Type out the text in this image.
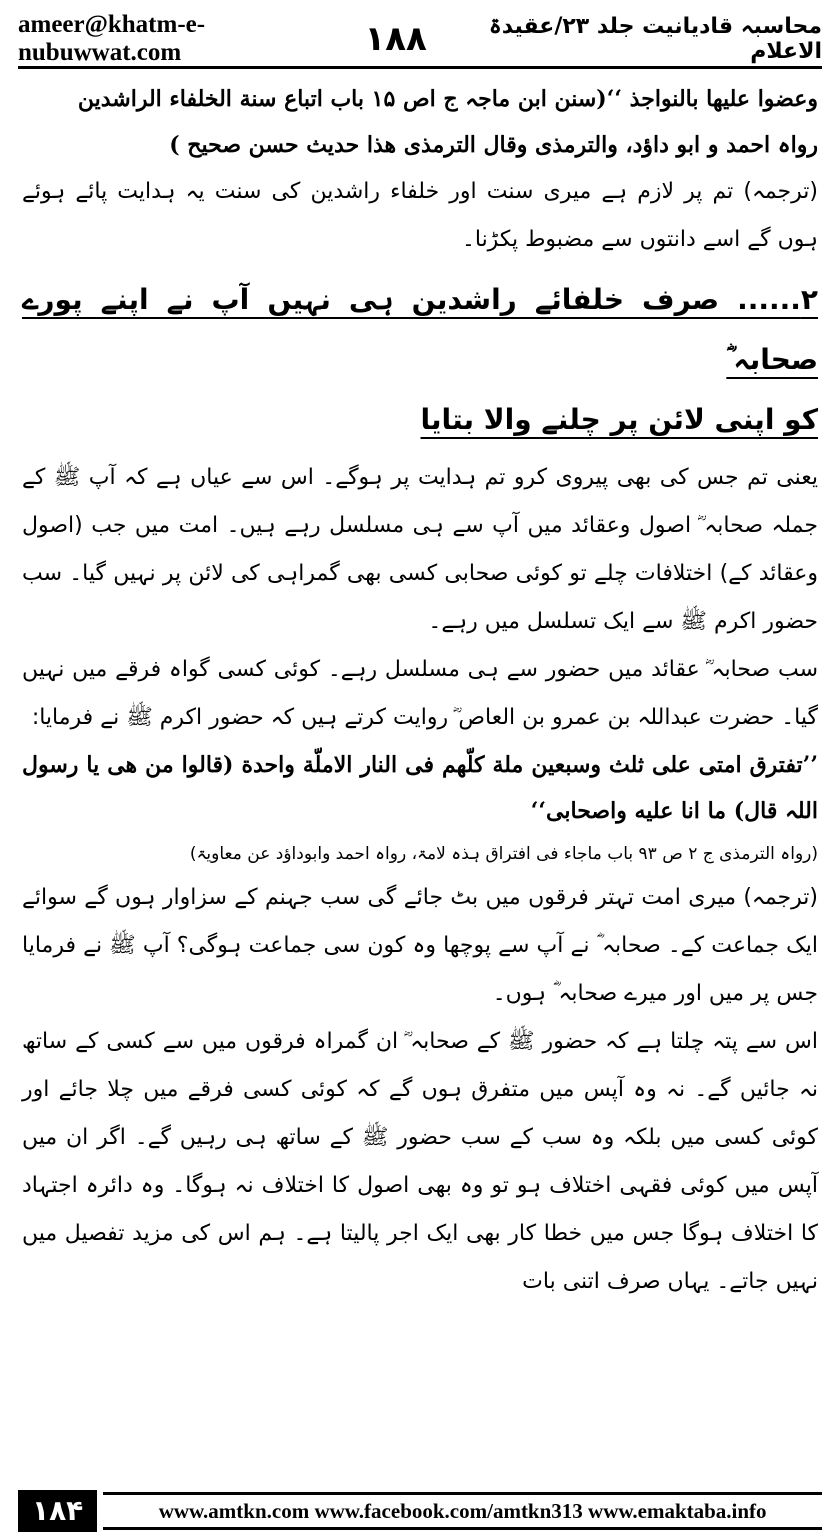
ameer@khatm-e-nubuwwat.com	۱۸۸	محاسبہ قادیانیت جلد ۲۳/عقیدۃ الاعلام

وعضوا علیها بالنواجذ ‘‘(سنن ابن ماجہ ج اص ۱۵ باب اتباع سنة الخلفاء الراشدین

رواہ احمد و ابو داؤد، والترمذی وقال الترمذی هذا حدیث حسن صحیح )

(ترجمہ) تم پر لازم ہے میری سنت اور خلفاء راشدین کی سنت یہ ہدایت پائے ہوئے ہوں گے اسے دانتوں سے مضبوط پکڑنا۔

۲...... صرف خلفائے راشدین ہی نہیں آپ نے اپنے پورے صحابہ ؓ

کو اپنی لائن پر چلنے والا بتایا

یعنی تم جس کی بھی پیروی کرو تم ہدایت پر ہوگے۔ اس سے عیاں ہے کہ آپ ﷺ کے جملہ صحابہ ؓ اصول وعقائد میں آپ سے ہی مسلسل رہے ہیں۔ امت میں جب (اصول وعقائد کے) اختلافات چلے تو کوئی صحابی کسی بھی گمراہی کی لائن پر نہیں گیا۔ سب حضور اکرم ﷺ سے ایک تسلسل میں رہے۔

سب صحابہ ؓ عقائد میں حضور سے ہی مسلسل رہے۔ کوئی کسی گواہ فرقے میں نہیں گیا۔ حضرت عبداللہ بن عمرو بن العاص ؓ روایت کرتے ہیں کہ حضور اکرم ﷺ نے فرمایا:

’’تفترق امتی علی ثلث وسبعین ملة کلّھم فی النار الاملّة واحدة (قالوا من ھی یا رسول اللہ قال) ما انا علیه واصحابی‘‘

(رواہ الترمذی ج ۲ ص ۹۳ باب ماجاء فی افتراق ہذہ لامۃ، رواہ احمد وابوداؤد عن معاویۃ)

(ترجمہ) میری امت تہتر فرقوں میں بٹ جائے گی سب جہنم کے سزاوار ہوں گے سوائے ایک جماعت کے۔ صحابہ ؓ نے آپ سے پوچھا وہ کون سی جماعت ہوگی؟ آپ ﷺ نے فرمایا جس پر میں اور میرے صحابہ ؓ ہوں۔

اس سے پتہ چلتا ہے کہ حضور ﷺ کے صحابہ ؓ ان گمراہ فرقوں میں سے کسی کے ساتھ نہ جائیں گے۔ نہ وہ آپس میں متفرق ہوں گے کہ کوئی کسی فرقے میں چلا جائے اور کوئی کسی میں بلکہ وہ سب کے سب حضور ﷺ کے ساتھ ہی رہیں گے۔ اگر ان میں آپس میں کوئی فقہی اختلاف ہو تو وہ بھی اصول کا اختلاف نہ ہوگا۔ وہ دائرہ اجتہاد کا اختلاف ہوگا جس میں خطا کار بھی ایک اجر پالیتا ہے۔ ہم اس کی مزید تفصیل میں نہیں جاتے۔ یہاں صرف اتنی بات

۱۸۴	www.amtkn.com www.facebook.com/amtkn313 www.emaktaba.info
